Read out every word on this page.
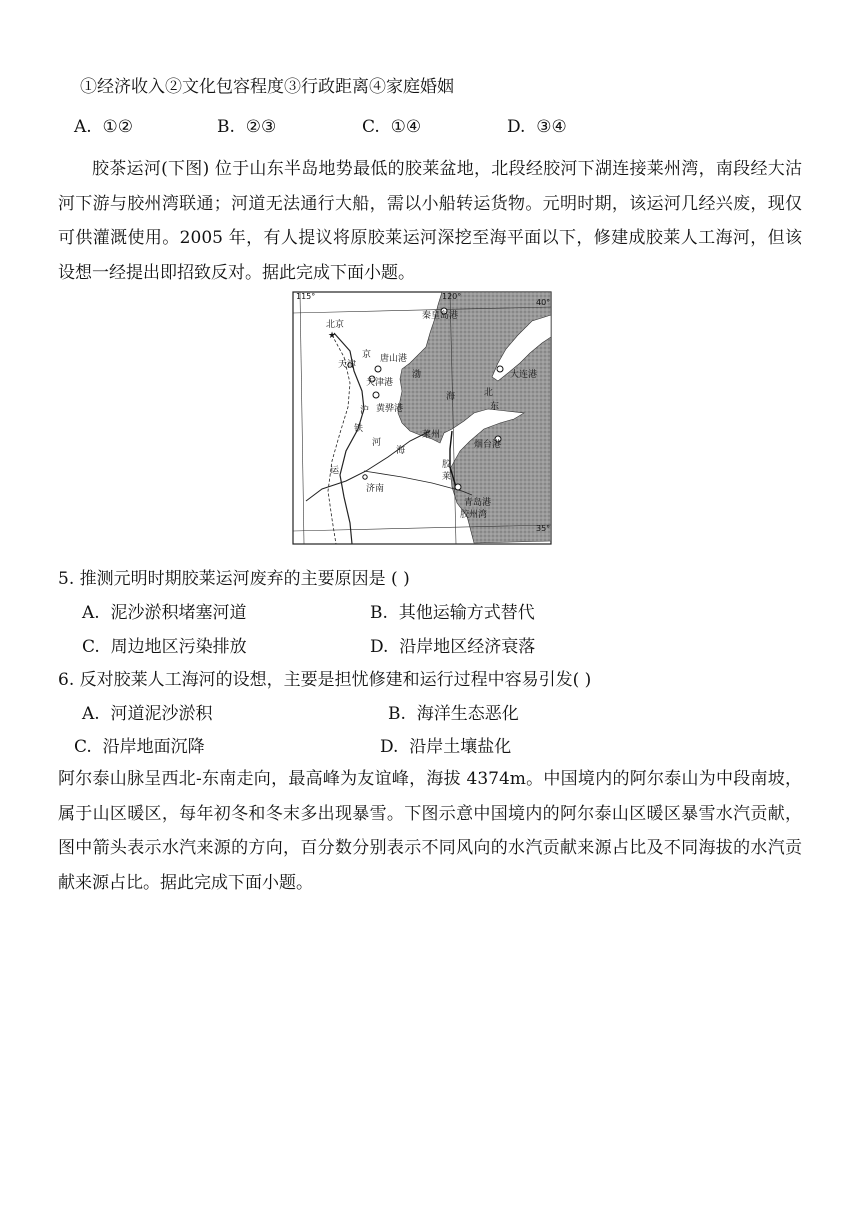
①经济收入②文化包容程度③行政距离④家庭婚姻
A. ①②	B. ②③	C. ①④	D. ③④
胶茶运河(下图) 位于山东半岛地势最低的胶莱盆地，北段经胶河下湖连接莱州湾，南段经大沽河下游与胶州湾联通；河道无法通行大船，需以小船转运货物。元明时期，该运河几经兴废，现仅可供灌溉使用。2005 年，有人提议将原胶莱运河深挖至海平面以下，修建成胶莱人工海河，但该设想一经提出即招致反对。据此完成下面小题。
★
115°	120°
40°
35°
北京
天津
秦皇岛港
唐山港
天津港
黄骅港
大连港
烟台港
青岛港
济南
胶州湾
京
沪
铁
运
河
海
东
胶
莱
莱州
渤
海	北
5. 推测元明时期胶莱运河废弃的主要原因是 ( )
A. 泥沙淤积堵塞河道	B. 其他运输方式替代
C. 周边地区污染排放	D. 沿岸地区经济衰落
6. 反对胶莱人工海河的设想，主要是担忧修建和运行过程中容易引发( )
A. 河道泥沙淤积	B. 海洋生态恶化
C. 沿岸地面沉降	D. 沿岸土壤盐化
阿尔泰山脉呈西北-东南走向，最高峰为友谊峰，海拔 4374m。中国境内的阿尔泰山为中段南坡，属于山区暖区，每年初冬和冬末多出现暴雪。下图示意中国境内的阿尔泰山区暖区暴雪水汽贡献，图中箭头表示水汽来源的方向，百分数分别表示不同风向的水汽贡献来源占比及不同海拔的水汽贡献来源占比。据此完成下面小题。
